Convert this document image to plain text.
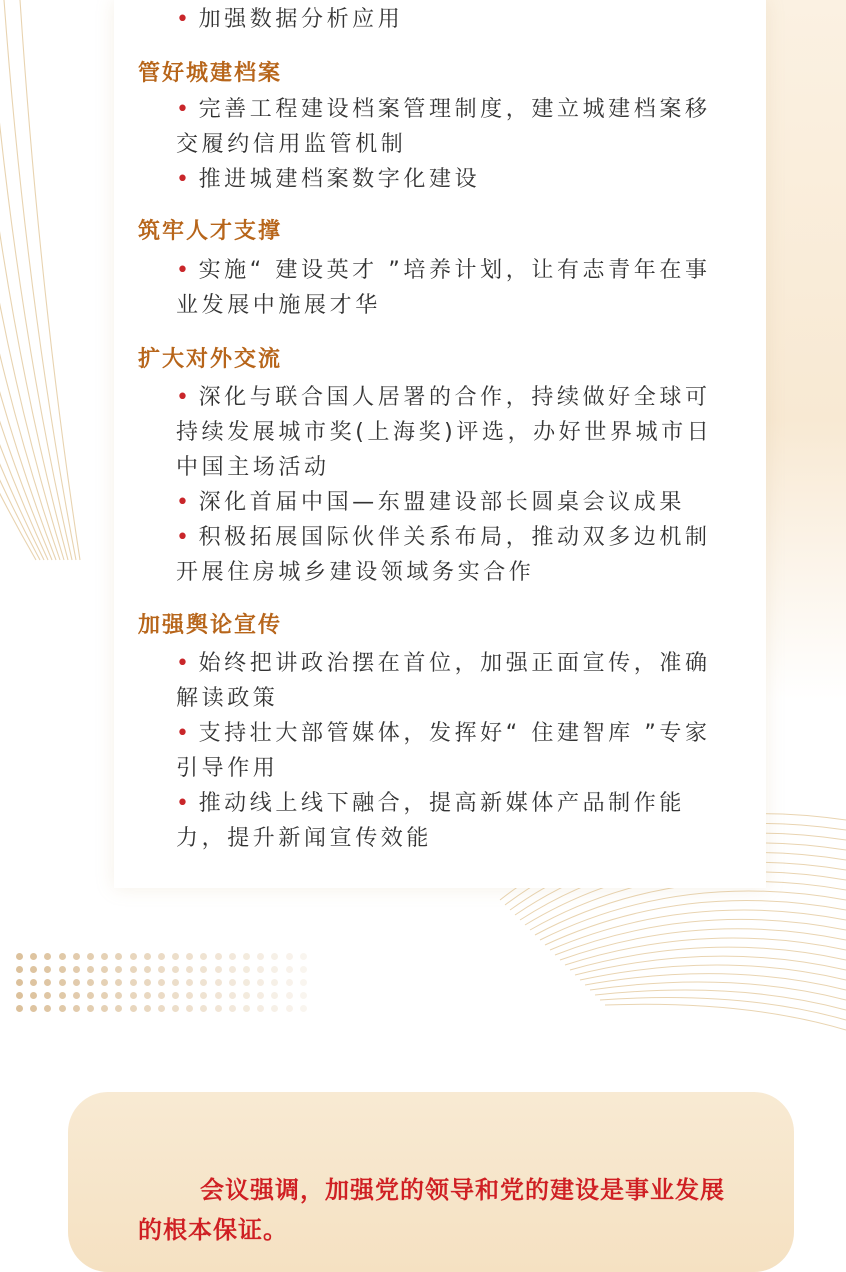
• 加强数据分析应用
管好城建档案
• 完善工程建设档案管理制度，建立城建档案移交履约信用监管机制
• 推进城建档案数字化建设
筑牢人才支撑
• 实施“ 建设英才 ”培养计划，让有志青年在事业发展中施展才华
扩大对外交流
• 深化与联合国人居署的合作，持续做好全球可持续发展城市奖(上海奖)评选，办好世界城市日中国主场活动
• 深化首届中国—东盟建设部长圆桌会议成果
• 积极拓展国际伙伴关系布局，推动双多边机制开展住房城乡建设领域务实合作
加强舆论宣传
• 始终把讲政治摆在首位，加强正面宣传，准确解读政策
• 支持壮大部管媒体，发挥好“ 住建智库 ”专家引导作用
• 推动线上线下融合，提高新媒体产品制作能力，提升新闻宣传效能
会议强调，加强党的领导和党的建设是事业发展的根本保证。
